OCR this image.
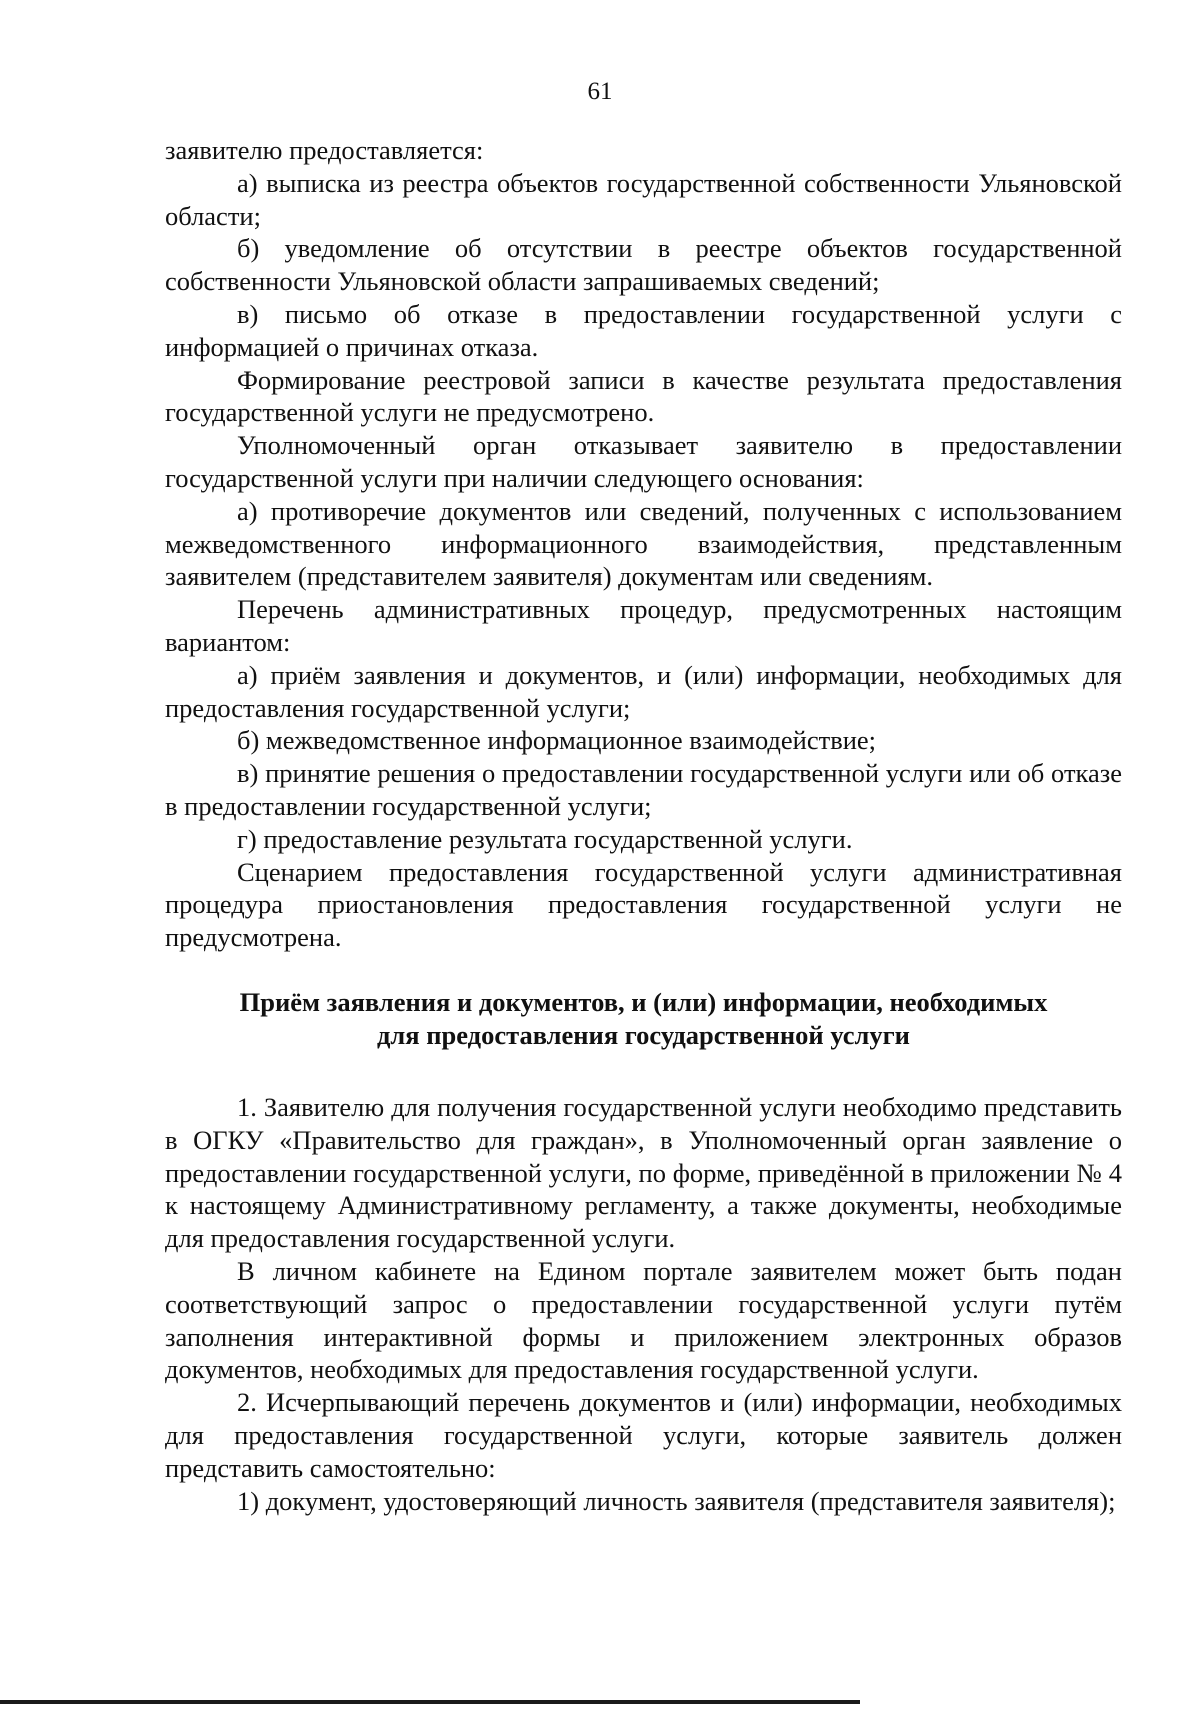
61

заявителю предоставляется:

а) выписка из реестра объектов государственной собственности Ульяновской области;

б) уведомление об отсутствии в реестре объектов государственной собственности Ульяновской области запрашиваемых сведений;

в) письмо об отказе в предоставлении государственной услуги с информацией о причинах отказа.

Формирование реестровой записи в качестве результата предоставления государственной услуги не предусмотрено.

Уполномоченный орган отказывает заявителю в предоставлении государственной услуги при наличии следующего основания:

а) противоречие документов или сведений, полученных с использованием межведомственного информационного взаимодействия, представленным заявителем (представителем заявителя) документам или сведениям.

Перечень административных процедур, предусмотренных настоящим вариантом:

а) приём заявления и документов, и (или) информации, необходимых для предоставления государственной услуги;

б) межведомственное информационное взаимодействие;

в) принятие решения о предоставлении государственной услуги или об отказе в предоставлении государственной услуги;

г) предоставление результата государственной услуги.

Сценарием предоставления государственной услуги административная процедура приостановления предоставления государственной услуги не предусмотрена.

Приём заявления и документов, и (или) информации, необходимых
для предоставления государственной услуги

1. Заявителю для получения государственной услуги необходимо представить в ОГКУ «Правительство для граждан», в Уполномоченный орган заявление о предоставлении государственной услуги, по форме, приведённой в приложении № 4 к настоящему Административному регламенту, а также документы, необходимые для предоставления государственной услуги.

В личном кабинете на Едином портале заявителем может быть подан соответствующий запрос о предоставлении государственной услуги путём заполнения интерактивной формы и приложением электронных образов документов, необходимых для предоставления государственной услуги.

2. Исчерпывающий перечень документов и (или) информации, необходимых для предоставления государственной услуги, которые заявитель должен представить самостоятельно:

1) документ, удостоверяющий личность заявителя (представителя заявителя);
